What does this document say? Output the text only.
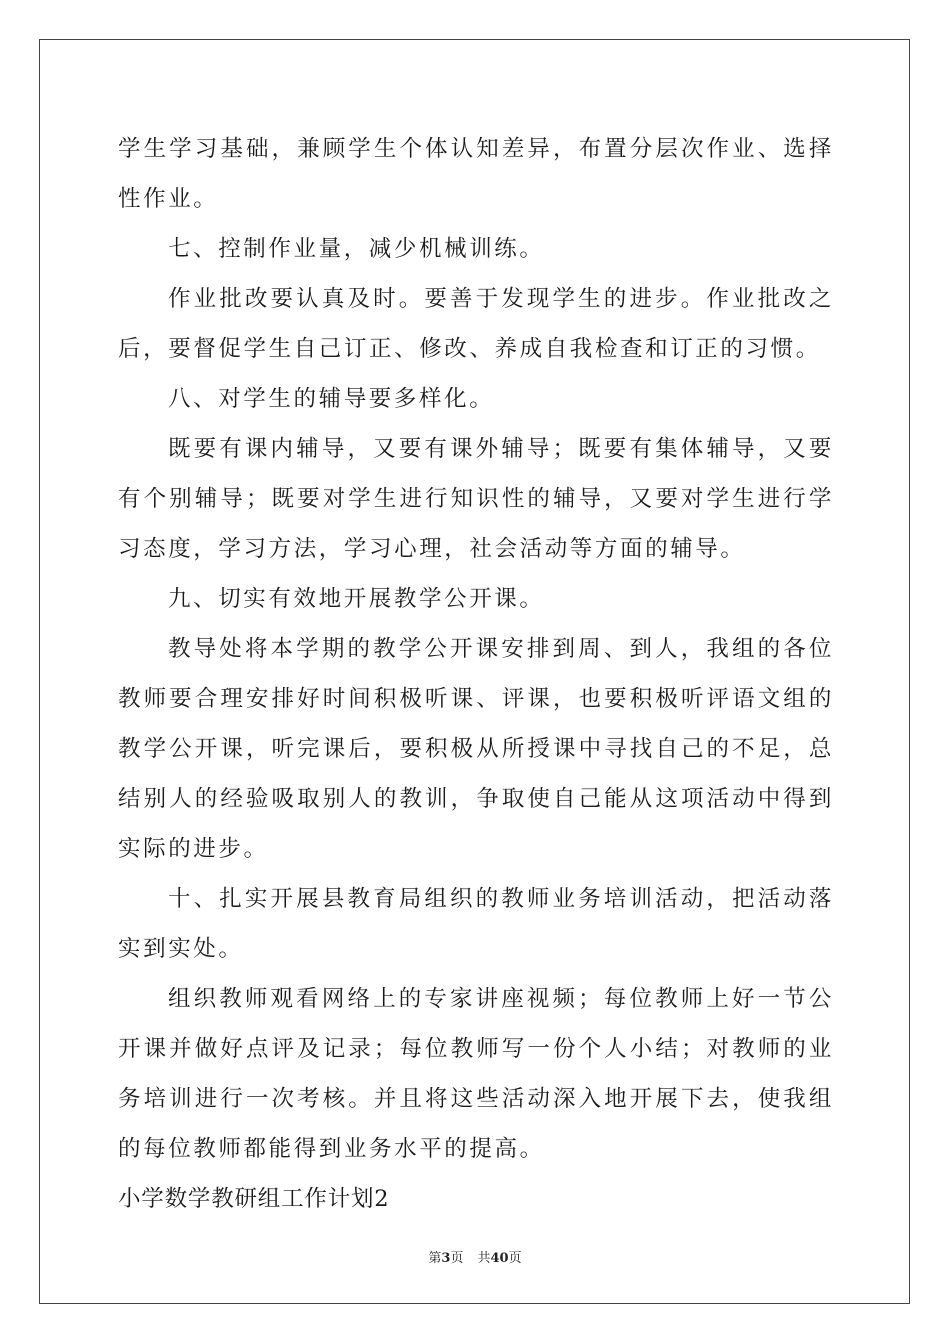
学生学习基础，兼顾学生个体认知差异，布置分层次作业、选择性作业。

七、控制作业量，减少机械训练。

作业批改要认真及时。要善于发现学生的进步。作业批改之后，要督促学生自己订正、修改、养成自我检查和订正的习惯。

八、对学生的辅导要多样化。

既要有课内辅导，又要有课外辅导；既要有集体辅导，又要有个别辅导；既要对学生进行知识性的辅导，又要对学生进行学习态度，学习方法，学习心理，社会活动等方面的辅导。

九、切实有效地开展教学公开课。

教导处将本学期的教学公开课安排到周、到人，我组的各位教师要合理安排好时间积极听课、评课，也要积极听评语文组的教学公开课，听完课后，要积极从所授课中寻找自己的不足，总结别人的经验吸取别人的教训，争取使自己能从这项活动中得到实际的进步。

十、扎实开展县教育局组织的教师业务培训活动，把活动落实到实处。

组织教师观看网络上的专家讲座视频；每位教师上好一节公开课并做好点评及记录；每位教师写一份个人小结；对教师的业务培训进行一次考核。并且将这些活动深入地开展下去，使我组的每位教师都能得到业务水平的提高。

小学数学教研组工作计划2

第3页 共40页
